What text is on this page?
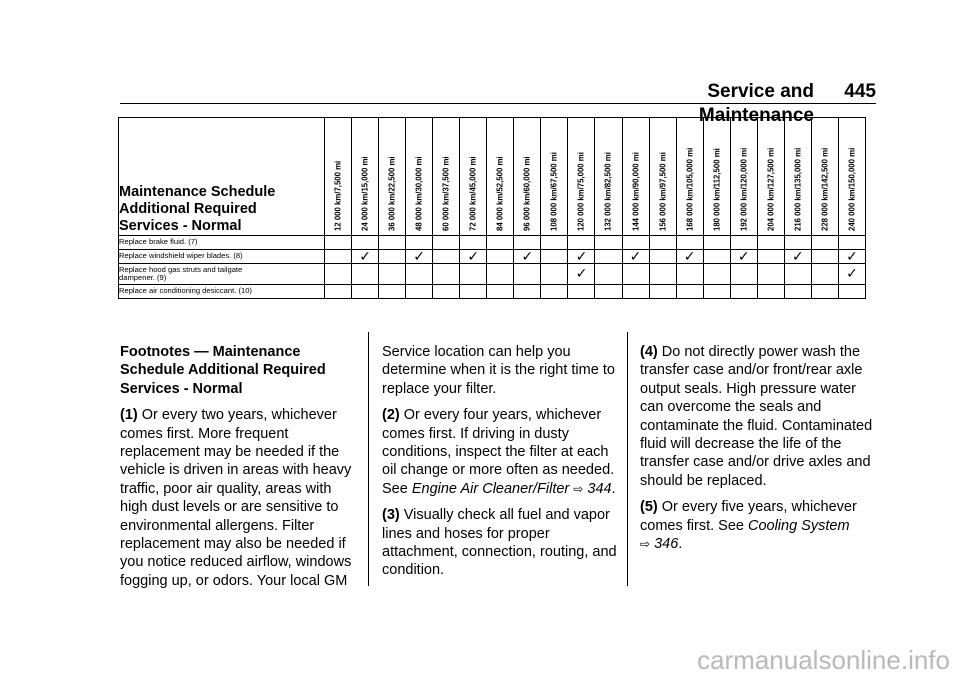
Service and Maintenance
445
Maintenance Schedule
Additional Required
Services - Normal	12 000 km/7,500 mi	24 000 km/15,000 mi	36 000 km/22,500 mi	48 000 km/30,000 mi	60 000 km/37,500 mi	72 000 km/45,000 mi	84 000 km/52,500 mi	96 000 km/60,000 mi	108 000 km/67,500 mi	120 000 km/75,000 mi	132 000 km/82,500 mi	144 000 km/90,000 mi	156 000 km/97,500 mi	168 000 km/105,000 mi	180 000 km/112,500 mi	192 000 km/120,000 mi	204 000 km/127,500 mi	216 000 km/135,000 mi	228 000 km/142,500 mi	240 000 km/150,000 mi

Replace brake fluid. (7)																				
Replace windshield wiper blades. (8)		✓		✓		✓		✓		✓		✓		✓		✓		✓		✓
Replace hood gas struts and tailgate
dampener. (9)										✓										✓
Replace air conditioning desiccant. (10)																				

Footnotes — Maintenance Schedule Additional Required Services - Normal

(1) Or every two years, whichever comes first. More frequent replacement may be needed if the vehicle is driven in areas with heavy traffic, poor air quality, areas with high dust levels or are sensitive to environmental allergens. Filter replacement may also be needed if you notice reduced airflow, windows fogging up, or odors. Your local GM

Service location can help you determine when it is the right time to replace your filter.

(2) Or every four years, whichever comes first. If driving in dusty conditions, inspect the filter at each oil change or more often as needed. See Engine Air Cleaner/Filter ⇨ 344.

(3) Visually check all fuel and vapor lines and hoses for proper attachment, connection, routing, and condition.

(4) Do not directly power wash the transfer case and/or front/rear axle output seals. High pressure water can overcome the seals and contaminate the fluid. Contaminated fluid will decrease the life of the transfer case and/or drive axles and should be replaced.

(5) Or every five years, whichever comes first. See Cooling System
⇨ 346.

carmanualsonline.info
